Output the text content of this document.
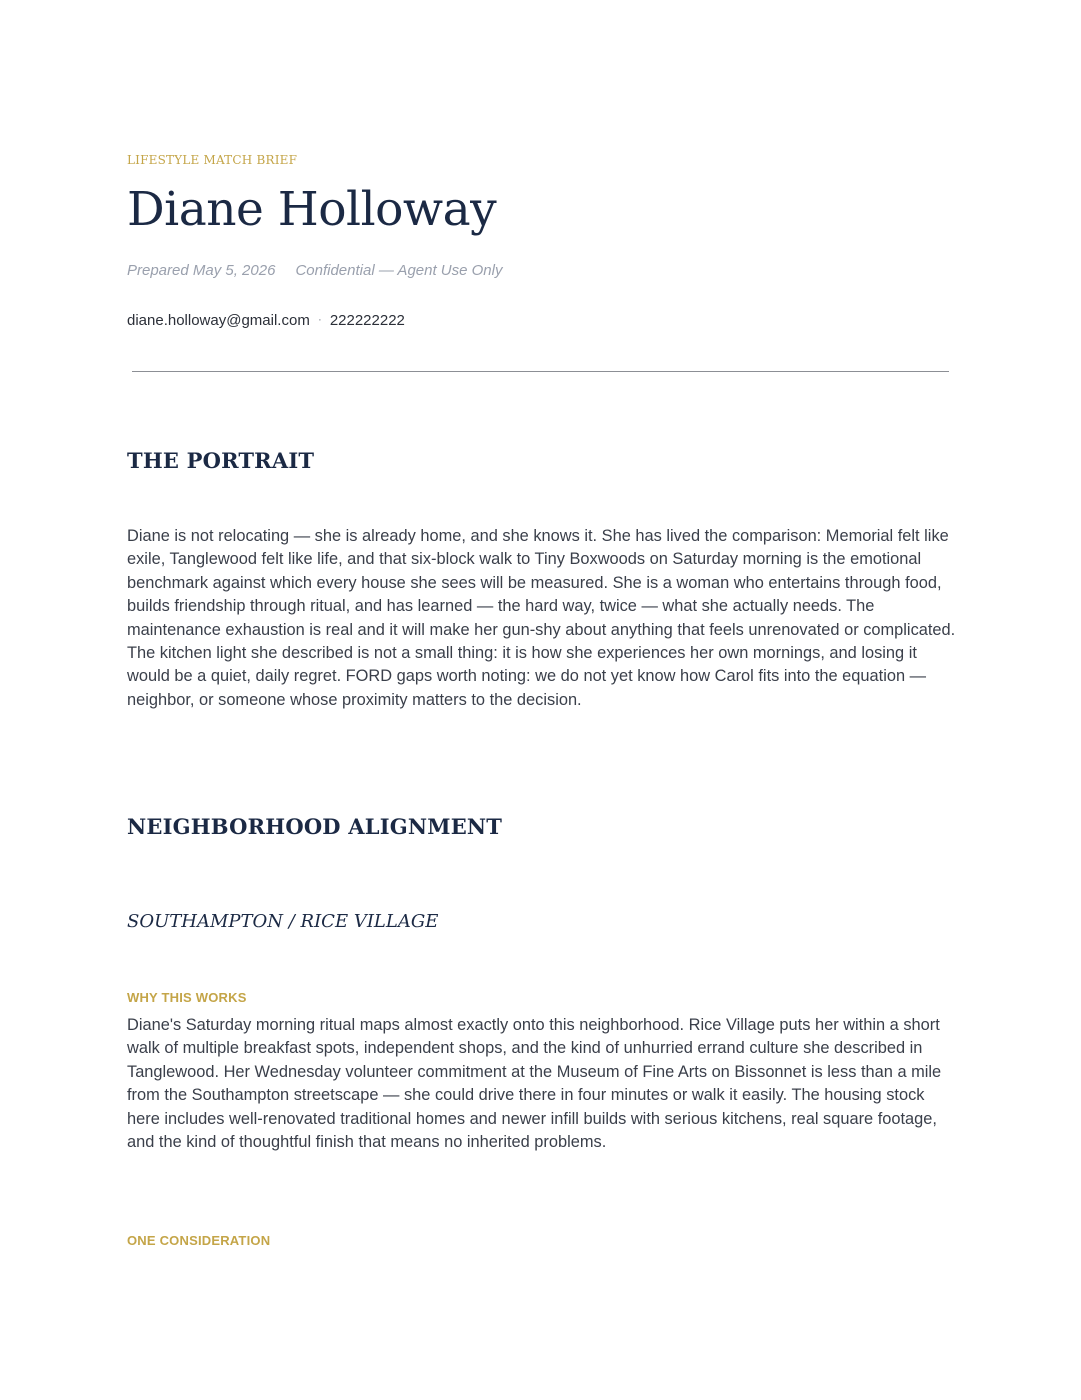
LIFESTYLE MATCH BRIEF
Diane Holloway
Prepared May 5, 2026 Confidential — Agent Use Only
diane.holloway@gmail.com · 222222222
THE PORTRAIT

Diane is not relocating — she is already home, and she knows it. She has lived the comparison: Memorial felt like exile, Tanglewood felt like life, and that six-block walk to Tiny Boxwoods on Saturday morning is the emotional benchmark against which every house she sees will be measured. She is a woman who entertains through food, builds friendship through ritual, and has learned — the hard way, twice — what she actually needs. The maintenance exhaustion is real and it will make her gun-shy about anything that feels unrenovated or complicated. The kitchen light she described is not a small thing: it is how she experiences her own mornings, and losing it would be a quiet, daily regret. FORD gaps worth noting: we do not yet know how Carol fits into the equation — neighbor, or someone whose proximity matters to the decision.

NEIGHBORHOOD ALIGNMENT
SOUTHAMPTON / RICE VILLAGE
WHY THIS WORKS

Diane's Saturday morning ritual maps almost exactly onto this neighborhood. Rice Village puts her within a short walk of multiple breakfast spots, independent shops, and the kind of unhurried errand culture she described in Tanglewood. Her Wednesday volunteer commitment at the Museum of Fine Arts on Bissonnet is less than a mile from the Southampton streetscape — she could drive there in four minutes or walk it easily. The housing stock here includes well-renovated traditional homes and newer infill builds with serious kitchens, real square footage, and the kind of thoughtful finish that means no inherited problems.

ONE CONSIDERATION
